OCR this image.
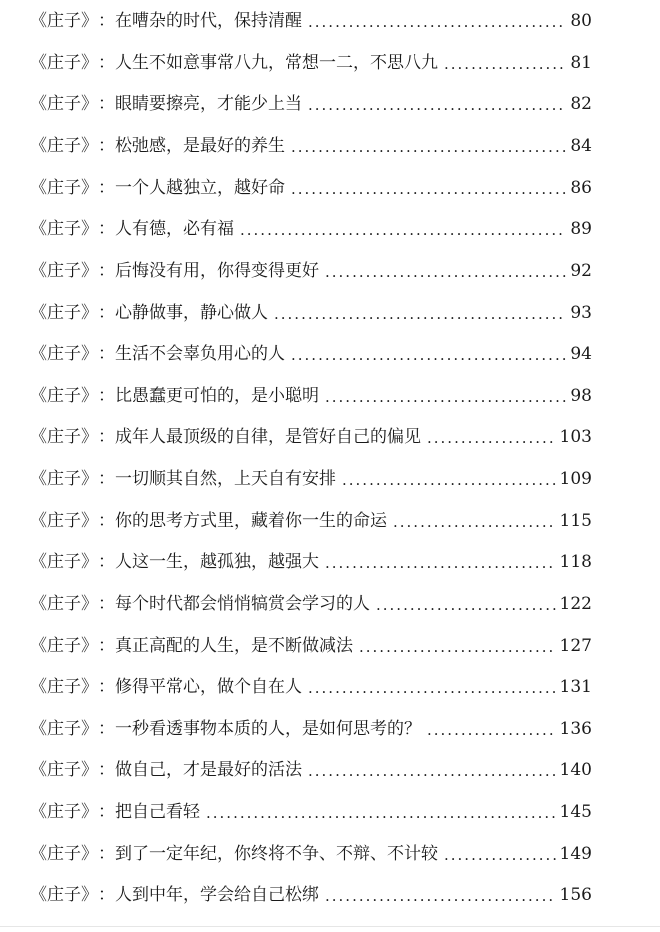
《庄子》 ： 在嘈杂的时代，保持清醒 .....	80
《庄子》 ： 人生不如意事常八九，常想一二，不思八九 .....	81
《庄子》 ： 眼睛要擦亮，才能少上当 .....	82
《庄子》 ： 松弛感，是最好的养生 .....	84
《庄子》 ： 一个人越独立，越好命 .....	86
《庄子》 ： 人有德，必有福 .....	89
《庄子》 ： 后悔没有用，你得变得更好 .....	92
《庄子》 ： 心静做事，静心做人 .....	93
《庄子》 ： 生活不会辜负用心的人 .....	94
《庄子》 ： 比愚蠢更可怕的，是小聪明 .....	98
《庄子》 ： 成年人最顶级的自律，是管好自己的偏见 .....	103
《庄子》 ： 一切顺其自然，上天自有安排 .....	109
《庄子》 ： 你的思考方式里，藏着你一生的命运 .....	115
《庄子》 ： 人这一生，越孤独，越强大 .....	118
《庄子》 ： 每个时代都会悄悄犒赏会学习的人 .....	122
《庄子》 ： 真正高配的人生，是不断做减法 .....	127
《庄子》 ： 修得平常心，做个自在人 .....	131
《庄子》 ： 一秒看透事物本质的人，是如何思考的？ .....	136
《庄子》 ： 做自己，才是最好的活法 .....	140
《庄子》 ： 把自己看轻 .....	145
《庄子》 ： 到了一定年纪，你终将不争、不辩、不计较 .....	149
《庄子》 ： 人到中年，学会给自己松绑 .....	156
